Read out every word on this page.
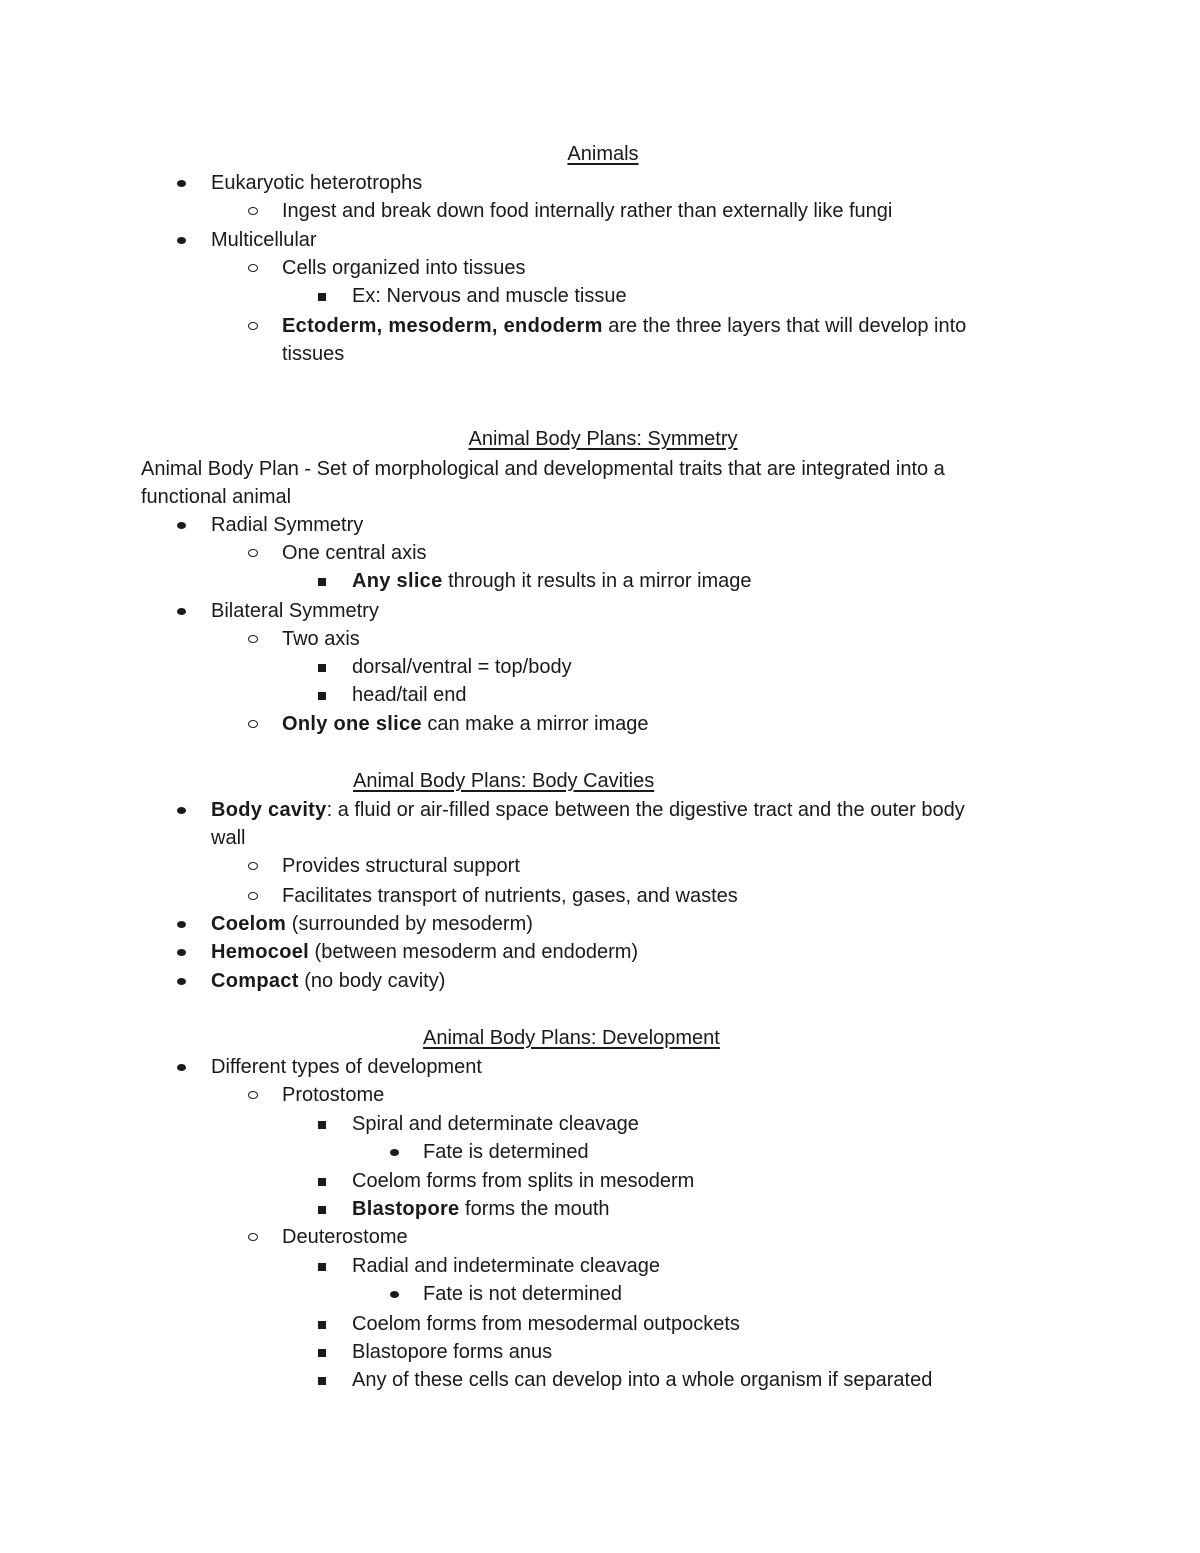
Animals
Eukaryotic heterotrophs
Ingest and break down food internally rather than externally like fungi
Multicellular
Cells organized into tissues
Ex: Nervous and muscle tissue
Ectoderm, mesoderm, endoderm are the three layers that will develop into
tissues
Animal Body Plans: Symmetry
Animal Body Plan - Set of morphological and developmental traits that are integrated into a
functional animal
Radial Symmetry
One central axis
Any slice through it results in a mirror image
Bilateral Symmetry
Two axis
dorsal/ventral = top/body
head/tail end
Only one slice can make a mirror image
Animal Body Plans: Body Cavities
Body cavity: a fluid or air-filled space between the digestive tract and the outer body
wall
Provides structural support
Facilitates transport of nutrients, gases, and wastes
Coelom (surrounded by mesoderm)
Hemocoel (between mesoderm and endoderm)
Compact (no body cavity)
Animal Body Plans: Development
Different types of development
Protostome
Spiral and determinate cleavage
Fate is determined
Coelom forms from splits in mesoderm
Blastopore forms the mouth
Deuterostome
Radial and indeterminate cleavage
Fate is not determined
Coelom forms from mesodermal outpockets
Blastopore forms anus
Any of these cells can develop into a whole organism if separated
